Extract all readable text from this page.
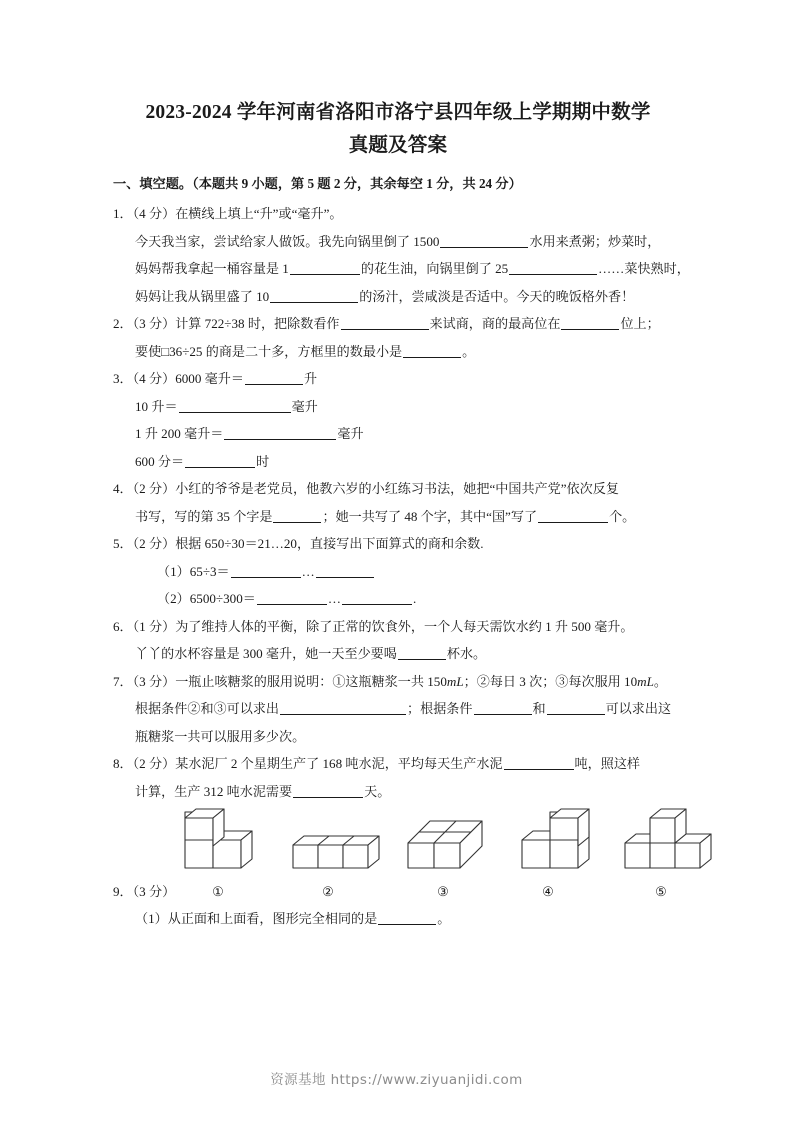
2023-2024 学年河南省洛阳市洛宁县四年级上学期期中数学
真题及答案
一、填空题。（本题共 9 小题，第 5 题 2 分，其余每空 1 分，共 24 分）
1．（4 分）在横线上填上“升”或“毫升”。
今天我当家，尝试给家人做饭。我先向锅里倒了 1500	水用来煮粥；炒菜时，
妈妈帮我拿起一桶容量是 1	的花生油，向锅里倒了 25	……菜快熟时，
妈妈让我从锅里盛了 10	的汤汁，尝咸淡是否适中。今天的晚饭格外香！
2．（3 分）计算 722÷38 时，把除数看作	来试商，商的最高位在	位上；
要使□36÷25 的商是二十多，方框里的数最小是	。
3．（4 分）6000 毫升＝	升
10 升＝	毫升
1 升 200 毫升＝	毫升
600 分＝	时
4．（2 分）小红的爷爷是老党员，他教六岁的小红练习书法，她把“中国共产党”依次反复
书写，写的第 35 个字是	；她一共写了 48 个字，其中“国”写了	个。
5．（2 分）根据 650÷30＝21…20，直接写出下面算式的商和余数.
（1）65÷3＝	…
（2）6500÷300＝	…	.
6．（1 分）为了维持人体的平衡，除了正常的饮食外，一个人每天需饮水约 1 升 500 毫升。
丫丫的水杯容量是 300 毫升，她一天至少要喝	杯水。
7．（3 分）一瓶止咳糖浆的服用说明：①这瓶糖浆一共 150mL；②每日 3 次；③每次服用 10mL。
根据条件②和③可以求出	；根据条件	和	可以求出这
瓶糖浆一共可以服用多少次。
8．（2 分）某水泥厂 2 个星期生产了 168 吨水泥，平均每天生产水泥	吨，照这样
计算，生产 312 吨水泥需要	天。
9．（3 分）	①	②	③	④	⑤
（1）从正面和上面看，图形完全相同的是	。
资源基地 https://www.ziyuanjidi.com
